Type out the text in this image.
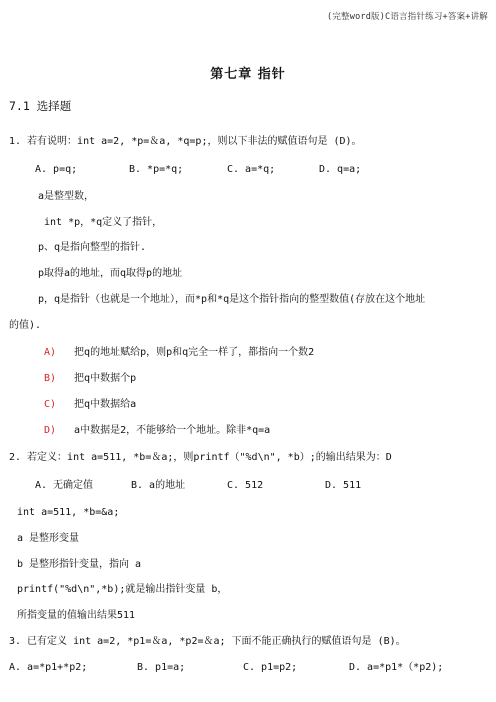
(完整word版)C语言指针练习+答案+讲解
第七章 指针
7.1 选择题
1. 若有说明：int a=2, *p=＆a, *q=p;，则以下非法的赋值语句是 (D)。
A. p=q;	B. *p=*q;	C. a=*q;	D. q=a;
a是整型数，
int *p，*q定义了指针，
p、q是指向整型的指针.
p取得a的地址，而q取得p的地址
p，q是指针（也就是一个地址），而*p和*q是这个指针指向的整型数值(存放在这个地址
的值).
A) 把q的地址赋给p，则p和q完全一样了，都指向一个数2
B) 把q中数据个p
C) 把q中数据给a
D) a中数据是2，不能够给一个地址。除非*q=a
2. 若定义：int a=511, *b=＆a;，则printf（"%d\n", *b）;的输出结果为：D
A. 无确定值	B. a的地址	C. 512	D. 511
int a=511, *b=&a;
a 是整形变量
b 是整形指针变量，指向 a
printf("%d\n",*b);就是输出指针变量 b，
所指变量的值输出结果511
3. 已有定义 int a=2, *p1=＆a, *p2=＆a; 下面不能正确执行的赋值语句是 (B)。
A. a=*p1+*p2;	B. p1=a;	C. p1=p2;	D. a=*p1*（*p2);
